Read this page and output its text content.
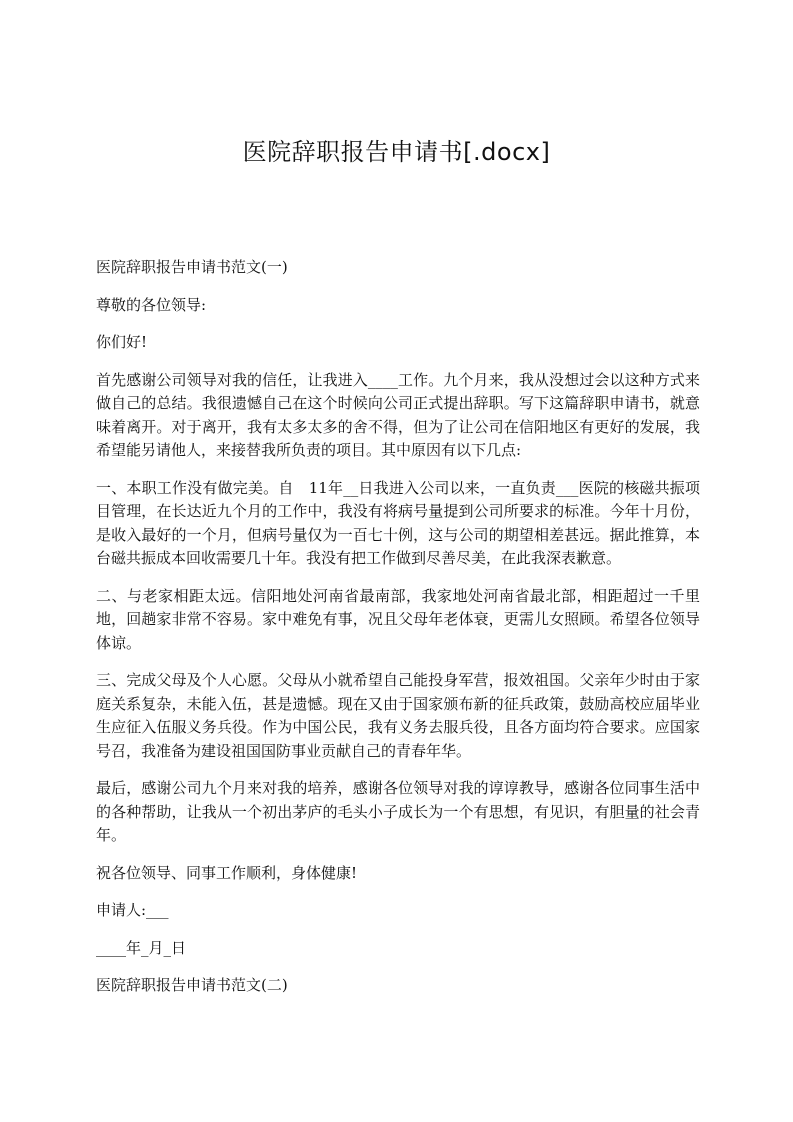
医院辞职报告申请书[.docx]

医院辞职报告申请书范文(一)

尊敬的各位领导:

你们好!

首先感谢公司领导对我的信任，让我进入____工作。九个月来，我从没想过会以这种方式来做自己的总结。我很遗憾自己在这个时候向公司正式提出辞职。写下这篇辞职申请书，就意味着离开。对于离开，我有太多太多的舍不得，但为了让公司在信阳地区有更好的发展，我希望能另请他人，来接替我所负责的项目。其中原因有以下几点:

一、本职工作没有做完美。自　11年__日我进入公司以来，一直负责___医院的核磁共振项目管理，在长达近九个月的工作中，我没有将病号量提到公司所要求的标准。今年十月份，是收入最好的一个月，但病号量仅为一百七十例，这与公司的期望相差甚远。据此推算，本台磁共振成本回收需要几十年。我没有把工作做到尽善尽美，在此我深表歉意。

二、与老家相距太远。信阳地处河南省最南部，我家地处河南省最北部，相距超过一千里地，回趟家非常不容易。家中难免有事，况且父母年老体衰，更需儿女照顾。希望各位领导体谅。

三、完成父母及个人心愿。父母从小就希望自己能投身军营，报效祖国。父亲年少时由于家庭关系复杂，未能入伍，甚是遗憾。现在又由于国家颁布新的征兵政策，鼓励高校应届毕业生应征入伍服义务兵役。作为中国公民，我有义务去服兵役，且各方面均符合要求。应国家号召，我准备为建设祖国国防事业贡献自己的青春年华。

最后，感谢公司九个月来对我的培养，感谢各位领导对我的谆谆教导，感谢各位同事生活中的各种帮助，让我从一个初出茅庐的毛头小子成长为一个有思想，有见识，有胆量的社会青年。

祝各位领导、同事工作顺利，身体健康!

申请人:___

____年_月_日

医院辞职报告申请书范文(二)
